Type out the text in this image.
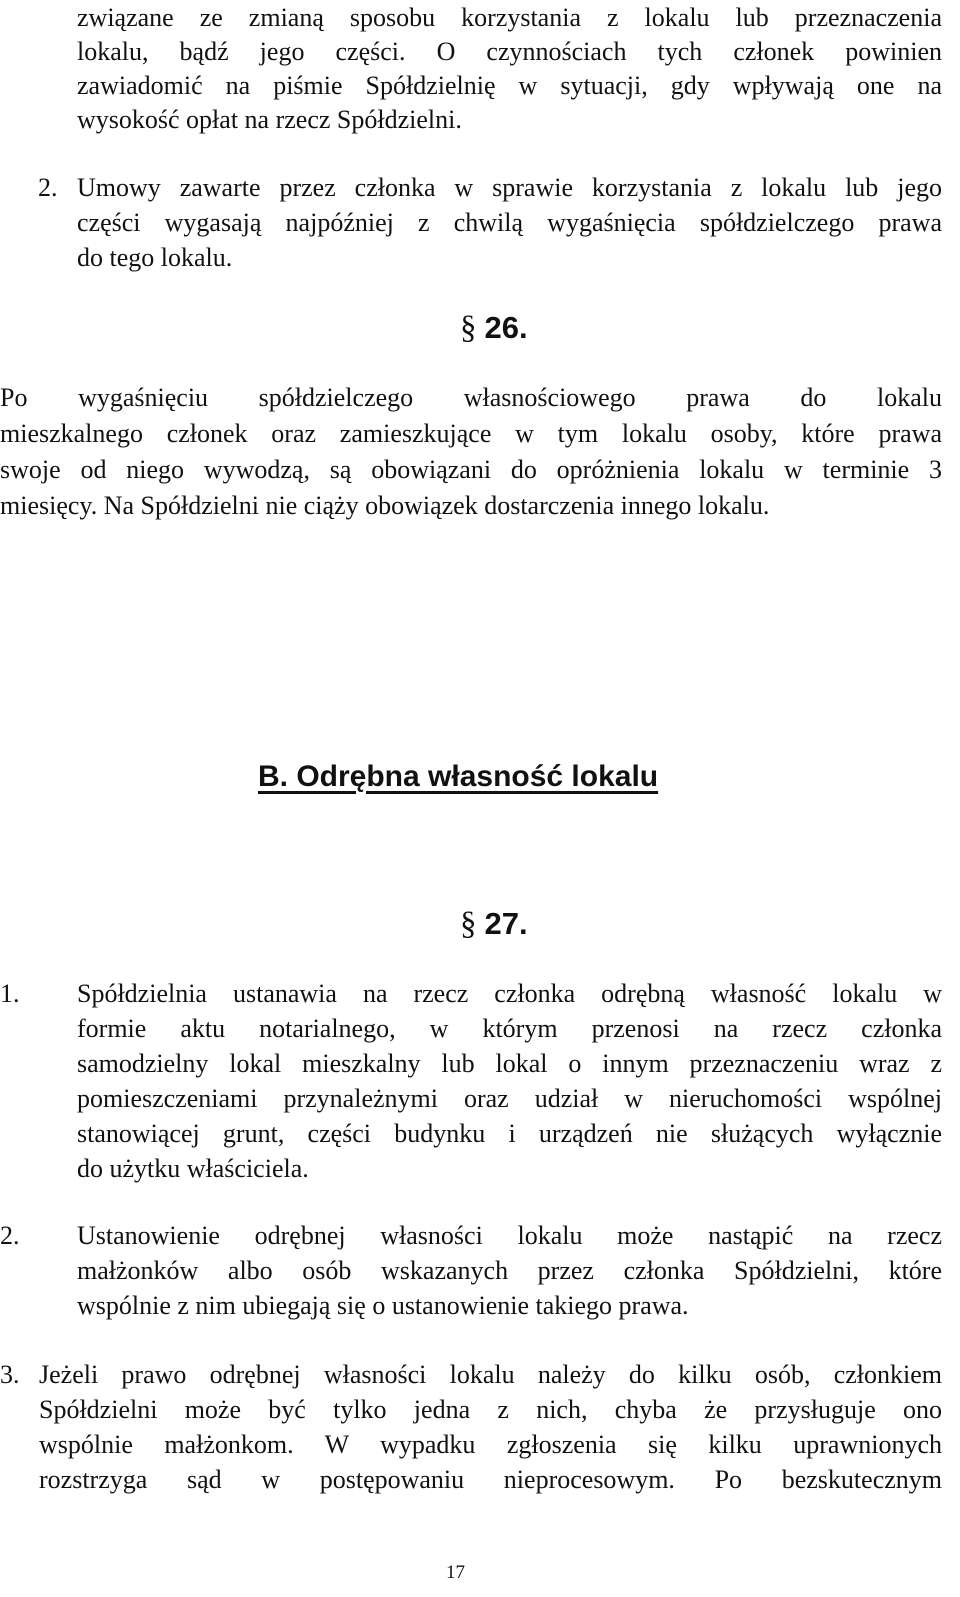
związane ze zmianą sposobu korzystania z lokalu lub przeznaczenia
lokalu, bądź jego części. O czynnościach tych członek powinien
zawiadomić na piśmie Spółdzielnię w sytuacji, gdy wpływają one na
wysokość opłat na rzecz Spółdzielni.
2. Umowy zawarte przez członka w sprawie korzystania z lokalu lub jego
części wygasają najpóźniej z chwilą wygaśnięcia spółdzielczego prawa
do tego lokalu.
§ 26.
Po wygaśnięciu spółdzielczego własnościowego prawa do lokalu
mieszkalnego członek oraz zamieszkujące w tym lokalu osoby, które prawa
swoje od niego wywodzą, są obowiązani do opróżnienia lokalu w terminie 3
miesięcy. Na Spółdzielni nie ciąży obowiązek dostarczenia innego lokalu.
B. Odrębna własność lokalu
§ 27.
1. Spółdzielnia ustanawia na rzecz członka odrębną własność lokalu w
formie aktu notarialnego, w którym przenosi na rzecz członka
samodzielny lokal mieszkalny lub lokal o innym przeznaczeniu wraz z
pomieszczeniami przynależnymi oraz udział w nieruchomości wspólnej
stanowiącej grunt, części budynku i urządzeń nie służących wyłącznie
do użytku właściciela.
2. Ustanowienie odrębnej własności lokalu może nastąpić na rzecz
małżonków albo osób wskazanych przez członka Spółdzielni, które
wspólnie z nim ubiegają się o ustanowienie takiego prawa.
3. Jeżeli prawo odrębnej własności lokalu należy do kilku osób, członkiem
Spółdzielni może być tylko jedna z nich, chyba że przysługuje ono
wspólnie małżonkom. W wypadku zgłoszenia się kilku uprawnionych
rozstrzyga sąd w postępowaniu nieprocesowym. Po bezskutecznym
17
